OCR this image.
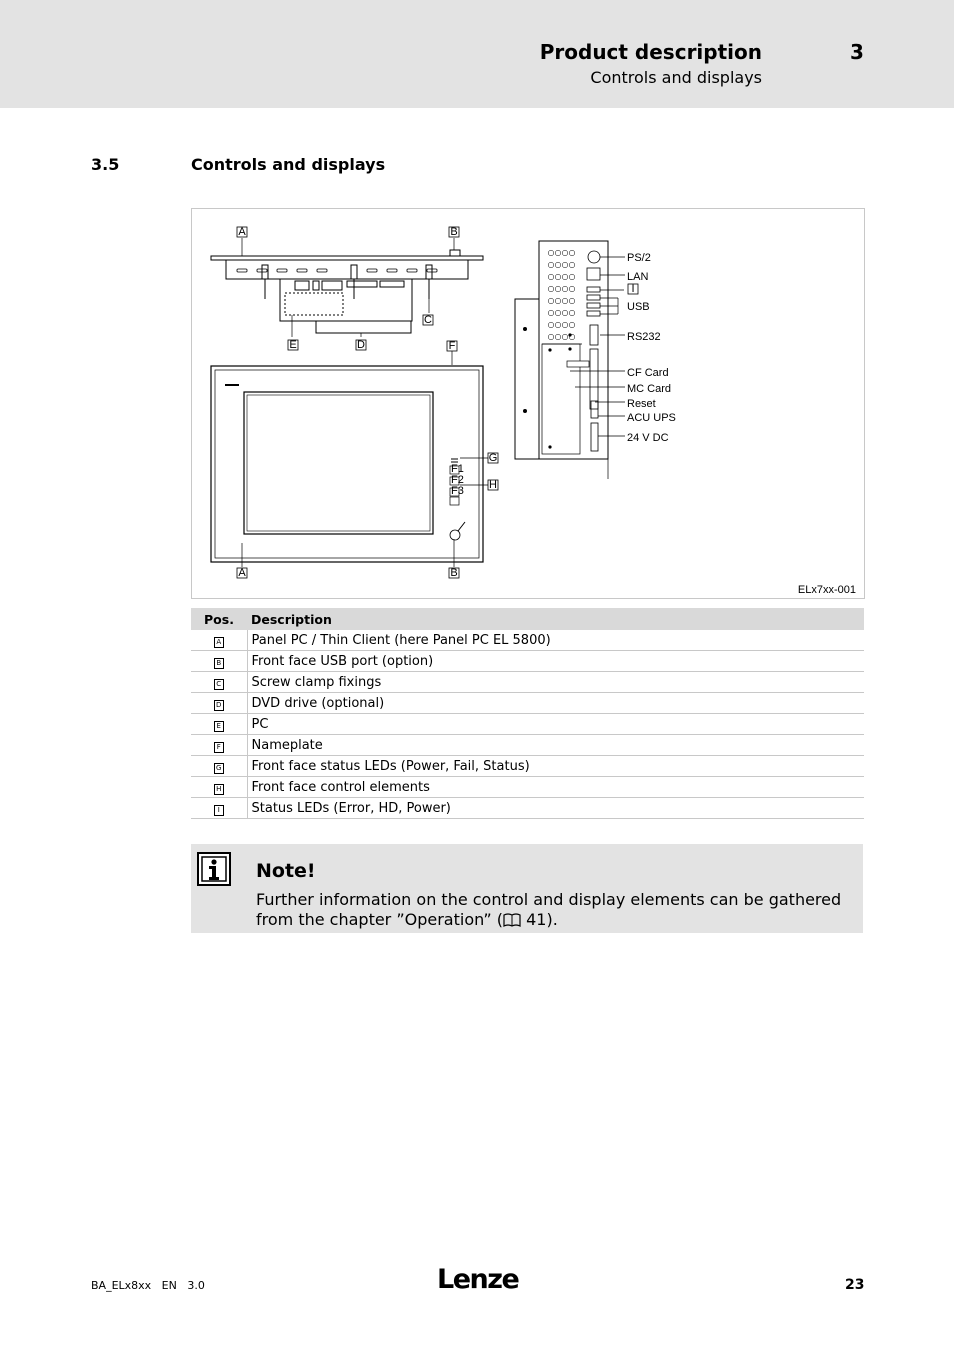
Product description	3
Controls and displays
3.5	Controls and displays
A	B
C
D
E	F
G
H
A	B
I
F1
F2
F3
PS/2
LAN
USB
RS232
CF Card
MC Card
Reset
ACU UPS
24 V DC
ELx7xx-001
Pos.	Description
A	Panel PC / Thin Client (here Panel PC EL 5800)
B	Front face USB port (option)
C	Screw clamp fixings
D	DVD drive (optional)
E	PC
F	Nameplate
G	Front face status LEDs (Power, Fail, Status)
H	Front face control elements
I	Status LEDs (Error, HD, Power)
Note!
Further information on the control and display elements can be gathered from the chapter ”Operation” ( 41).
BA_ELx8xx   EN   3.0	Lenze	23
